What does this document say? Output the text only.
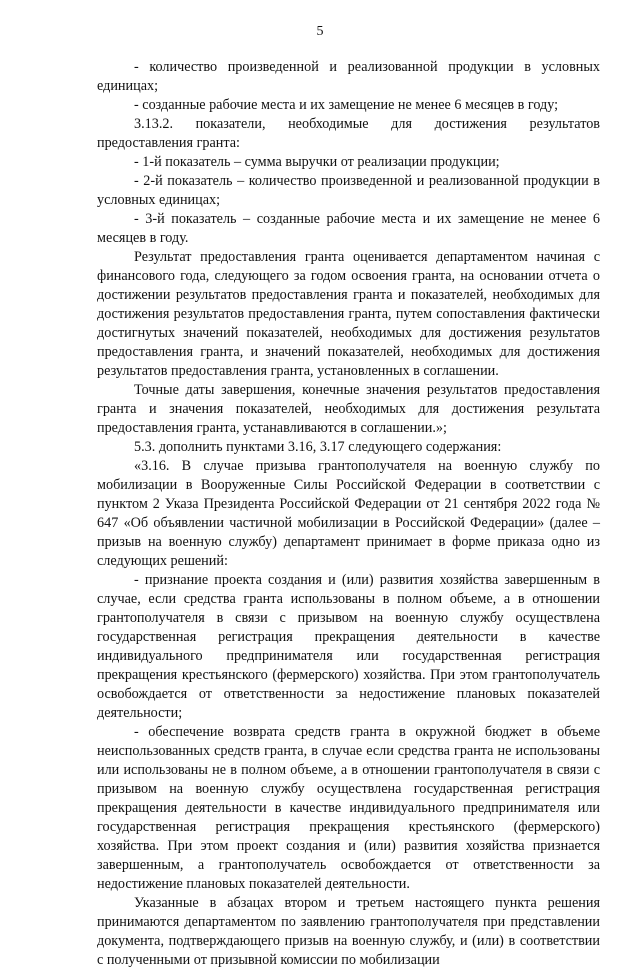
5

- количество произведенной и реализованной продукции в условных единицах;

- созданные рабочие места и их замещение не менее 6 месяцев в году;

3.13.2. показатели, необходимые для достижения результатов предоставления гранта:

- 1-й показатель – сумма выручки от реализации продукции;

- 2-й показатель – количество произведенной и реализованной продукции в условных единицах;

- 3-й показатель – созданные рабочие места и их замещение не менее 6 месяцев в году.

Результат предоставления гранта оценивается департаментом начиная с финансового года, следующего за годом освоения гранта, на основании отчета о достижении результатов предоставления гранта и показателей, необходимых для достижения результатов предоставления гранта, путем сопоставления фактически достигнутых значений показателей, необходимых для достижения результатов предоставления гранта, и значений показателей, необходимых для достижения результатов предоставления гранта, установленных в соглашении.

Точные даты завершения, конечные значения результатов предоставления гранта и значения показателей, необходимых для достижения результата предоставления гранта, устанавливаются в соглашении.»;

5.3. дополнить пунктами 3.16, 3.17 следующего содержания:

«3.16. В случае призыва грантополучателя на военную службу по мобилизации в Вооруженные Силы Российской Федерации в соответствии с пунктом 2 Указа Президента Российской Федерации от 21 сентября 2022 года № 647 «Об объявлении частичной мобилизации в Российской Федерации» (далее – призыв на военную службу) департамент принимает в форме приказа одно из следующих решений:

- признание проекта создания и (или) развития хозяйства завершенным в случае, если средства гранта использованы в полном объеме, а в отношении грантополучателя в связи с призывом на военную службу осуществлена государственная регистрация прекращения деятельности в качестве индивидуального предпринимателя или государственная регистрация прекращения крестьянского (фермерского) хозяйства. При этом грантополучатель освобождается от ответственности за недостижение плановых показателей деятельности;

- обеспечение возврата средств гранта в окружной бюджет в объеме неиспользованных средств гранта, в случае если средства гранта не использованы или использованы не в полном объеме, а в отношении грантополучателя в связи с призывом на военную службу осуществлена государственная регистрация прекращения деятельности в качестве индивидуального предпринимателя или государственная регистрация прекращения крестьянского (фермерского) хозяйства. При этом проект создания и (или) развития хозяйства признается завершенным, а грантополучатель освобождается от ответственности за недостижение плановых показателей деятельности.

Указанные в абзацах втором и третьем настоящего пункта решения принимаются департаментом по заявлению грантополучателя при представлении документа, подтверждающего призыв на военную службу, и (или) в соответствии с полученными от призывной комиссии по мобилизации
